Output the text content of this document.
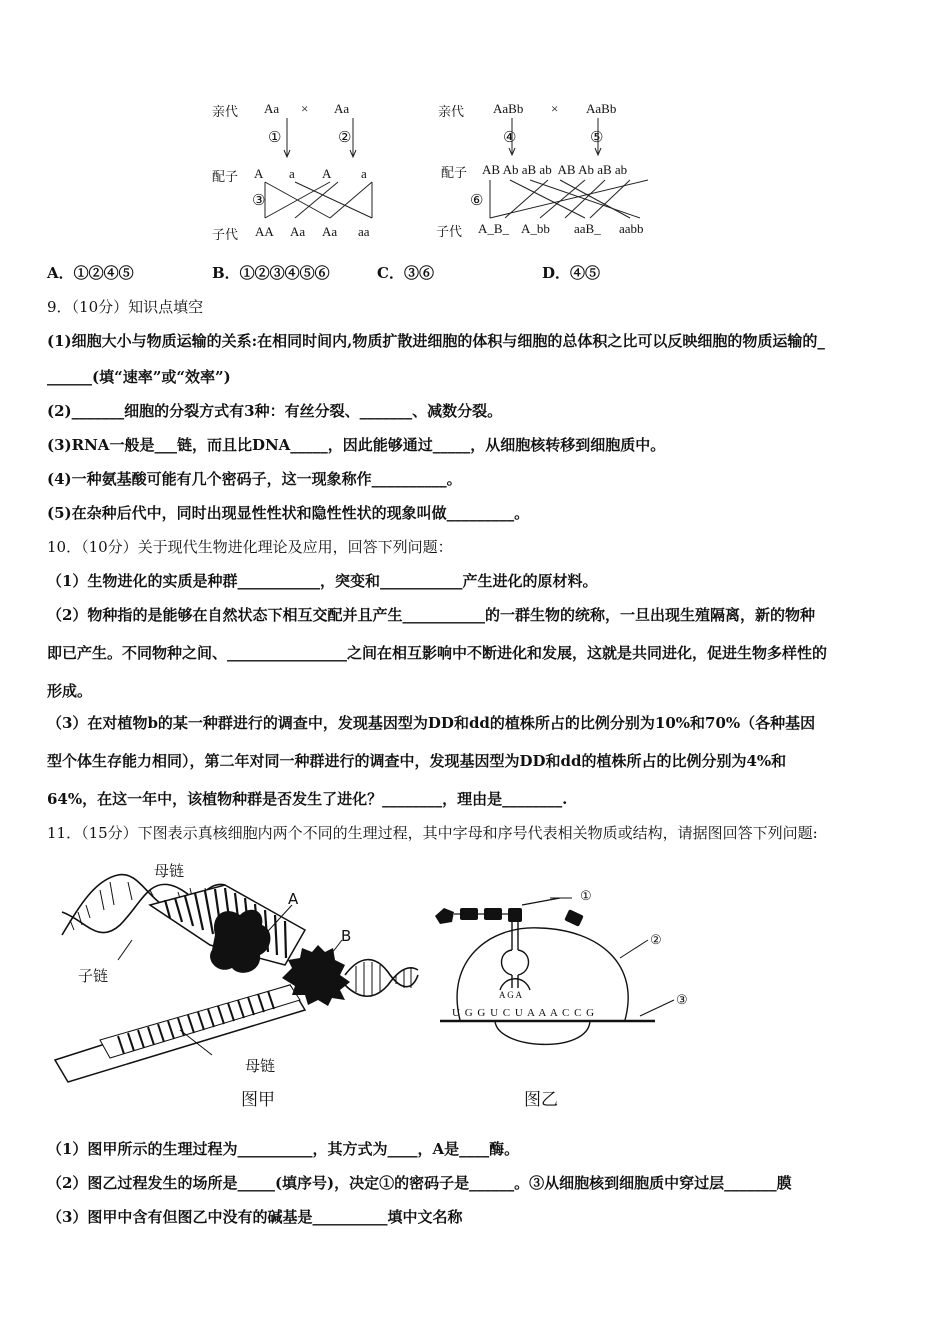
亲代 Aa × Aa
①	②
配子 A a A a
③
子代 AA Aa Aa aa
亲代 AaBb × AaBb
④	⑤
配子 AB Ab aB ab  AB Ab aB ab
⑥
子代 A_B_ A_bb aaB_ aabb
A．①②④⑤	B．①②③④⑤⑥	C．③⑥	D．④⑤
9．（10分）知识点填空
(1)细胞大小与物质运输的关系:在相同时间内,物质扩散进细胞的体积与细胞的总体积之比可以反映细胞的物质运输的_
______(填“速率”或“效率”)
(2)_______细胞的分裂方式有3种：有丝分裂、_______、减数分裂。
(3)RNA一般是___链，而且比DNA_____，因此能够通过_____，从细胞核转移到细胞质中。
(4)一种氨基酸可能有几个密码子，这一现象称作__________。
(5)在杂种后代中，同时出现显性性状和隐性性状的现象叫做_________。
10．（10分）关于现代生物进化理论及应用，回答下列问题：
（1）生物进化的实质是种群___________，突变和___________产生进化的原材料。
（2）物种指的是能够在自然状态下相互交配并且产生___________的一群生物的统称，一旦出现生殖隔离，新的物种
即已产生。不同物种之间、________________之间在相互影响中不断进化和发展，这就是共同进化，促进生物多样性的
形成。
（3）在对植物b的某一种群进行的调查中，发现基因型为DD和dd的植株所占的比例分别为10%和70%（各种基因
型个体生存能力相同），第二年对同一种群进行的调查中，发现基因型为DD和dd的植株所占的比例分别为4%和
64%，在这一年中，该植物种群是否发生了进化？________，理由是________.
11．（15分）下图表示真核细胞内两个不同的生理过程，其中字母和序号代表相关物质或结构，请据图回答下列问题:
母链
A
B
子链
母链
图甲
①
②
③
A G A
U G G U C U A A A C C G
图乙
（1）图甲所示的生理过程为__________，其方式为____，A是____酶。
（2）图乙过程发生的场所是_____(填序号)，决定①的密码子是______。③从细胞核到细胞质中穿过层_______膜
（3）图甲中含有但图乙中没有的碱基是__________填中文名称
